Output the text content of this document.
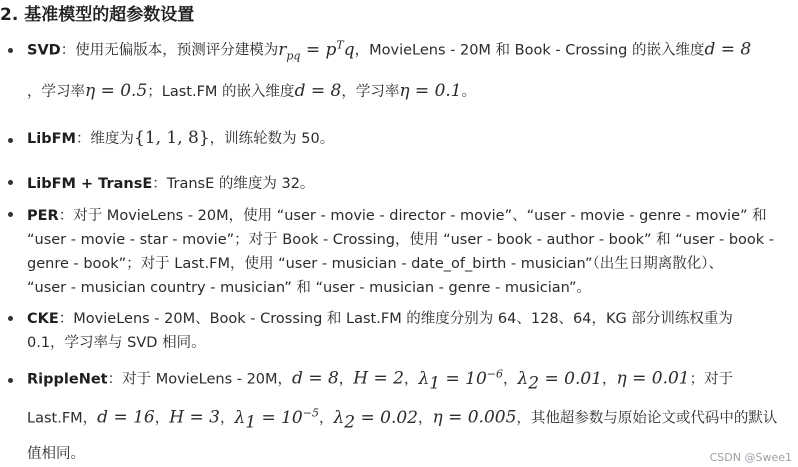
2. 基准模型的超参数设置
SVD：使用无偏版本，预测评分建模为$r_{pq} = p^Tq$，MovieLens - 20M 和 Book - Crossing 的嵌入维度d = 8
，学习率η = 0.5；Last.FM 的嵌入维度d = 8，学习率η = 0.1。
LibFM：维度为{1, 1, 8}，训练轮数为 50。
LibFM + TransE：TransE 的维度为 32。
PER：对于 MovieLens - 20M，使用 “user - movie - director - movie”、“user - movie - genre - movie” 和
“user - movie - star - movie”；对于 Book - Crossing，使用 “user - book - author - book” 和 “user - book -
genre - book”；对于 Last.FM，使用 “user - musician - date_of_birth - musician”（出生日期离散化）、
“user - musician country - musician” 和 “user - musician - genre - musician”。
CKE：MovieLens - 20M、Book - Crossing 和 Last.FM 的维度分别为 64、128、64，KG 部分训练权重为
0.1，学习率与 SVD 相同。
RippleNet：对于 MovieLens - 20M，d = 8，H = 2，$\lambda_1 = 10^{-6}$，$\lambda_2 = 0.01$，η = 0.01；对于
Last.FM，d = 16，H = 3，$\lambda_1 = 10^{-5}$，$\lambda_2 = 0.02$，η = 0.005，其他超参数与原始论文或代码中的默认
值相同。	CSDN @Swee1
